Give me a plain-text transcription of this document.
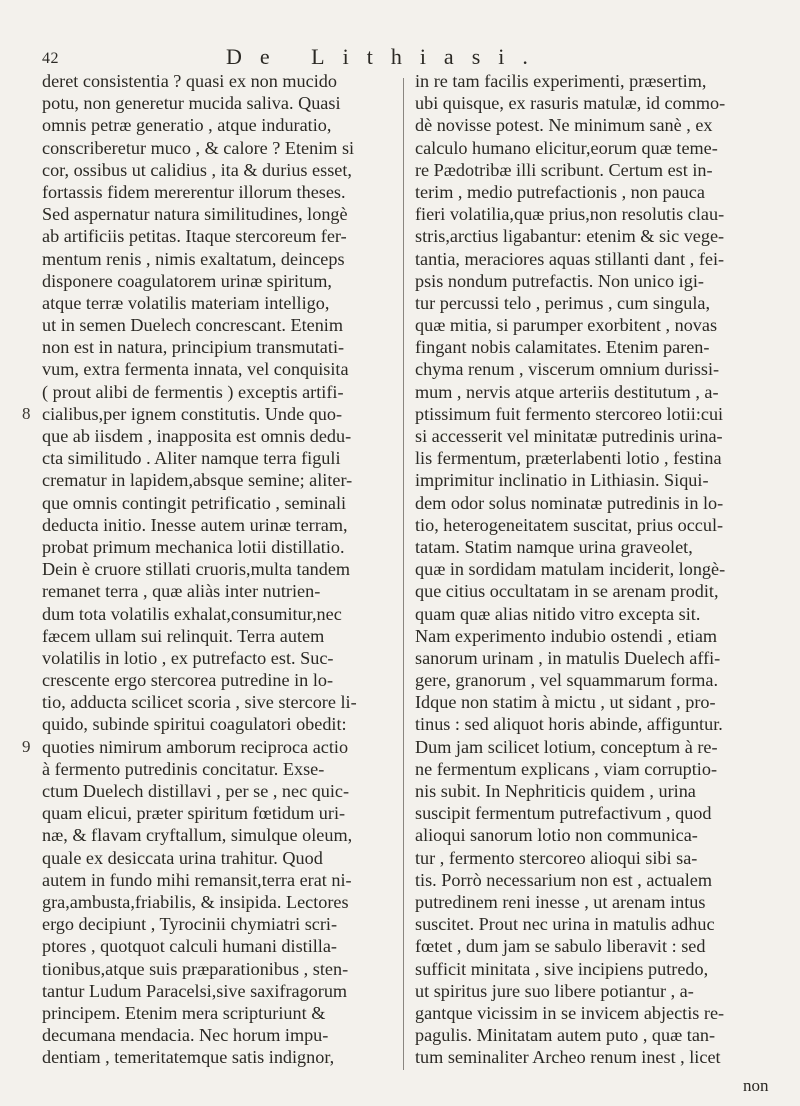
42	De Lithiasi.
8
9
deret consistentia ? quasi ex non mucido
potu, non generetur mucida saliva. Quasi
omnis petræ generatio , atque induratio,
conscriberetur muco , & calore ? Etenim si
cor, ossibus ut calidius , ita & durius esset,
fortassis fidem mererentur illorum theses.
Sed aspernatur natura similitudines, longè
ab artificiis petitas. Itaque stercoreum fer-
mentum renis , nimis exaltatum, deinceps
disponere coagulatorem urinæ spiritum,
atque terræ volatilis materiam intelligo,
ut in semen Duelech concrescant. Etenim
non est in natura, principium transmutati-
vum, extra fermenta innata, vel conquisita
( prout alibi de fermentis ) exceptis artifi-
cialibus,per ignem constitutis. Unde quo-
que ab iisdem , inapposita est omnis dedu-
cta similitudo . Aliter namque terra figuli
crematur in lapidem,absque semine; aliter-
que omnis contingit petrificatio , seminali
deducta initio. Inesse autem urinæ terram,
probat primum mechanica lotii distillatio.
Dein è cruore stillati cruoris,multa tandem
remanet terra , quæ aliàs inter nutrien-
dum tota volatilis exhalat,consumitur,nec
fæcem ullam sui relinquit. Terra autem
volatilis in lotio , ex putrefacto est. Suc-
crescente ergo stercorea putredine in lo-
tio, adducta scilicet scoria , sive stercore li-
quido, subinde spiritui coagulatori obedit:
quoties nimirum amborum reciproca actio
à fermento putredinis concitatur. Exse-
ctum Duelech distillavi , per se , nec quic-
quam elicui, præter spiritum fœtidum uri-
næ, & flavam cryftallum, simulque oleum,
quale ex desiccata urina trahitur. Quod
autem in fundo mihi remansit,terra erat ni-
gra,ambusta,friabilis, & insipida. Lectores
ergo decipiunt , Tyrocinii chymiatri scri-
ptores , quotquot calculi humani distilla-
tionibus,atque suis præparationibus , sten-
tantur Ludum Paracelsi,sive saxifragorum
principem. Etenim mera scripturiunt &
decumana mendacia. Nec horum impu-
dentiam , temeritatemque satis indignor,
in re tam facilis experimenti, præsertim,
ubi quisque, ex rasuris matulæ, id commo-
dè novisse potest. Ne minimum sanè , ex
calculo humano elicitur,eorum quæ teme-
re Pædotribæ illi scribunt. Certum est in-
terim , medio putrefactionis , non pauca
fieri volatilia,quæ prius,non resolutis clau-
stris,arctius ligabantur: etenim & sic vege-
tantia, meraciores aquas stillanti dant , fei-
psis nondum putrefactis. Non unico igi-
tur percussi telo , perimus , cum singula,
quæ mitia, si parumper exorbitent , novas
fingant nobis calamitates. Etenim paren-
chyma renum , viscerum omnium durissi-
mum , nervis atque arteriis destitutum , a-
ptissimum fuit fermento stercoreo lotii:cui
si accesserit vel minitatæ putredinis urina-
lis fermentum, præterlabenti lotio , festina
imprimitur inclinatio in Lithiasin. Siqui-
dem odor solus nominatæ putredinis in lo-
tio, heterogeneitatem suscitat, prius occul-
tatam. Statim namque urina graveolet,
quæ in sordidam matulam inciderit, longè-
que citius occultatam in se arenam prodit,
quam quæ alias nitido vitro excepta sit.
Nam experimento indubio ostendi , etiam
sanorum urinam , in matulis Duelech affi-
gere, granorum , vel squammarum forma.
Idque non statim à mictu , ut sidant , pro-
tinus : sed aliquot horis abinde, affiguntur.
Dum jam scilicet lotium, conceptum à re-
ne fermentum explicans , viam corruptio-
nis subit. In Nephriticis quidem , urina
suscipit fermentum putrefactivum , quod
alioqui sanorum lotio non communica-
tur , fermento stercoreo alioqui sibi sa-
tis. Porrò necessarium non est , actualem
putredinem reni inesse , ut arenam intus
suscitet. Prout nec urina in matulis adhuc
fœtet , dum jam se sabulo liberavit : sed
sufficit minitata , sive incipiens putredo,
ut spiritus jure suo libere potiantur , a-
gantque vicissim in se invicem abjectis re-
pagulis. Minitatam autem puto , quæ tan-
tum seminaliter Archeo renum inest , licet
non
